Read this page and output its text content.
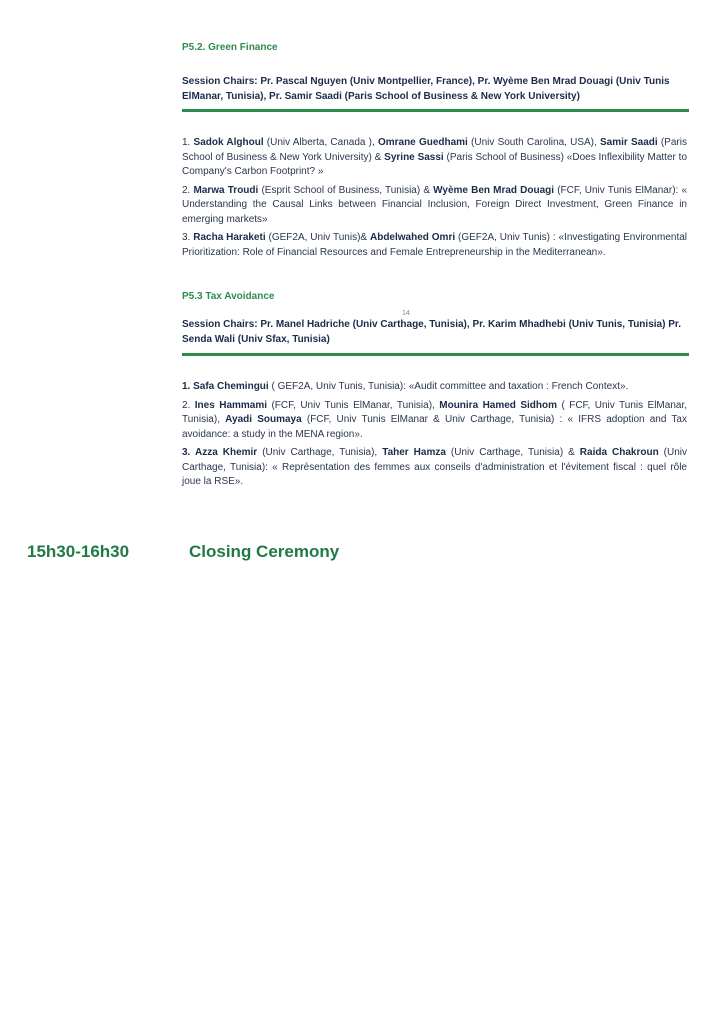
P5.2. Green Finance
Session Chairs: Pr. Pascal Nguyen (Univ Montpellier, France), Pr. Wyème Ben Mrad Douagi (Univ Tunis ElManar, Tunisia), Pr. Samir Saadi (Paris School of Business & New York University)
1. Sadok Alghoul (Univ Alberta, Canada ), Omrane Guedhami (Univ South Carolina, USA), Samir Saadi (Paris School of Business & New York University) & Syrine Sassi (Paris School of Business) «Does Inflexibility Matter to Company's Carbon Footprint? »
2. Marwa Troudi (Esprit School of Business, Tunisia) & Wyème Ben Mrad Douagi (FCF, Univ Tunis ElManar): « Understanding the Causal Links between Financial Inclusion, Foreign Direct Investment, Green Finance in emerging markets»
3. Racha Haraketi (GEF2A, Univ Tunis)& Abdelwahed Omri (GEF2A, Univ Tunis) : «Investigating Environmental Prioritization: Role of Financial Resources and Female Entrepreneurship in the Mediterranean».
14
P5.3 Tax Avoidance
Session Chairs: Pr. Manel Hadriche (Univ Carthage, Tunisia), Pr. Karim Mhadhebi (Univ Tunis, Tunisia) Pr. Senda Wali (Univ Sfax, Tunisia)
1. Safa Chemingui ( GEF2A, Univ Tunis, Tunisia): «Audit committee and taxation : French Context».
2. Ines Hammami (FCF, Univ Tunis ElManar, Tunisia), Mounira Hamed Sidhom ( FCF, Univ Tunis ElManar, Tunisia), Ayadi Soumaya (FCF, Univ Tunis ElManar & Univ Carthage, Tunisia) : « IFRS adoption and Tax avoidance: a study in the MENA region».
3. Azza Khemir (Univ Carthage, Tunisia), Taher Hamza (Univ Carthage, Tunisia) & Raida Chakroun (Univ Carthage, Tunisia): « Représentation des femmes aux conseils d'administration et l'évitement fiscal : quel rôle joue la RSE».
15h30-16h30	Closing Ceremony
